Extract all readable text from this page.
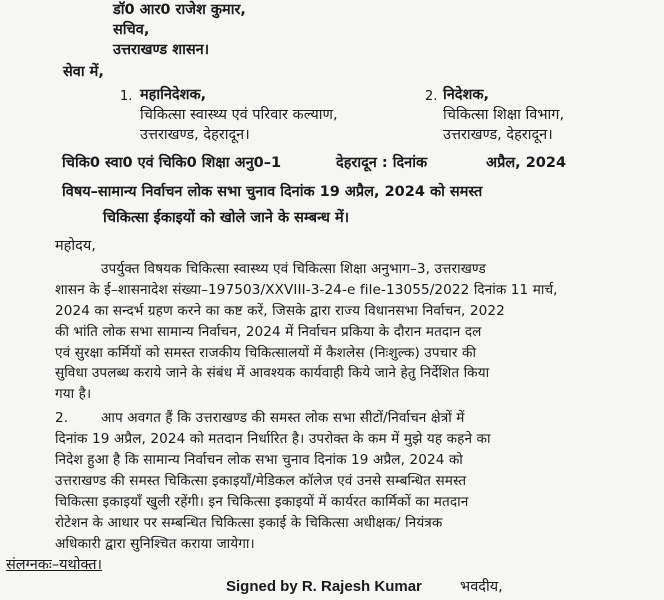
डॉ0 आर0 राजेश कुमार,
सचिव,
उत्तराखण्ड शासन।
सेवा में,
1. महानिदेशक,
चिकित्सा स्वास्थ्य एवं परिवार कल्याण,
उत्तराखण्ड, देहरादून।
2. निदेशक,
चिकित्सा शिक्षा विभाग,
उत्तराखण्ड, देहरादून।
चिकि0 स्वा0 एवं चिकि0 शिक्षा अनु0–1	देहरादून : दिनांक	अप्रैल, 2024
विषय–सामान्य निर्वाचन लोक सभा चुनाव दिनांक 19 अप्रैल, 2024 को समस्त
चिकित्सा ईकाइयों को खोले जाने के सम्बन्ध में।
महोदय,
उपर्युक्त विषयक चिकित्सा स्वास्थ्य एवं चिकित्सा शिक्षा अनुभाग–3, उत्तराखण्ड
शासन के ई–शासनादेश संख्या–197503/XXVIII-3-24-e file-13055/2022 दिनांक 11 मार्च,
2024 का सन्दर्भ ग्रहण करने का कष्ट करें, जिसके द्वारा राज्य विधानसभा निर्वाचन, 2022
की भांति लोक सभा सामान्य निर्वाचन, 2024 में निर्वाचन प्रकिया के दौरान मतदान दल
एवं सुरक्षा कर्मियों को समस्त राजकीय चिकित्सालयों में कैशलेस (निःशुल्क) उपचार की
सुविधा उपलब्ध कराये जाने के संबंध में आवश्यक कार्यवाही किये जाने हेतु निर्देशित किया
गया है।
2. आप अवगत हैं कि उत्तराखण्ड की समस्त लोक सभा सीटों/निर्वाचन क्षेत्रों में
दिनांक 19 अप्रैल, 2024 को मतदान निर्धारित है। उपरोक्त के कम में मुझे यह कहने का
निदेश हुआ है कि सामान्य निर्वाचन लोक सभा चुनाव दिनांक 19 अप्रैल, 2024 को
उत्तराखण्ड की समस्त चिकित्सा इकाइयाँ/मेडिकल कॉलेज एवं उनसे सम्बन्धित समस्त
चिकित्सा इकाइयाँ खुली रहेंगी। इन चिकित्सा इकाइयों में कार्यरत कार्मिकों का मतदान
रोटेशन के आधार पर सम्बन्धित चिकित्सा इकाई के चिकित्सा अधीक्षक/ नियंत्रक
अधिकारी द्वारा सुनिश्चित कराया जायेगा।
संलग्नकः–यथोक्त।
Signed by R. Rajesh Kumar	भवदीय,
